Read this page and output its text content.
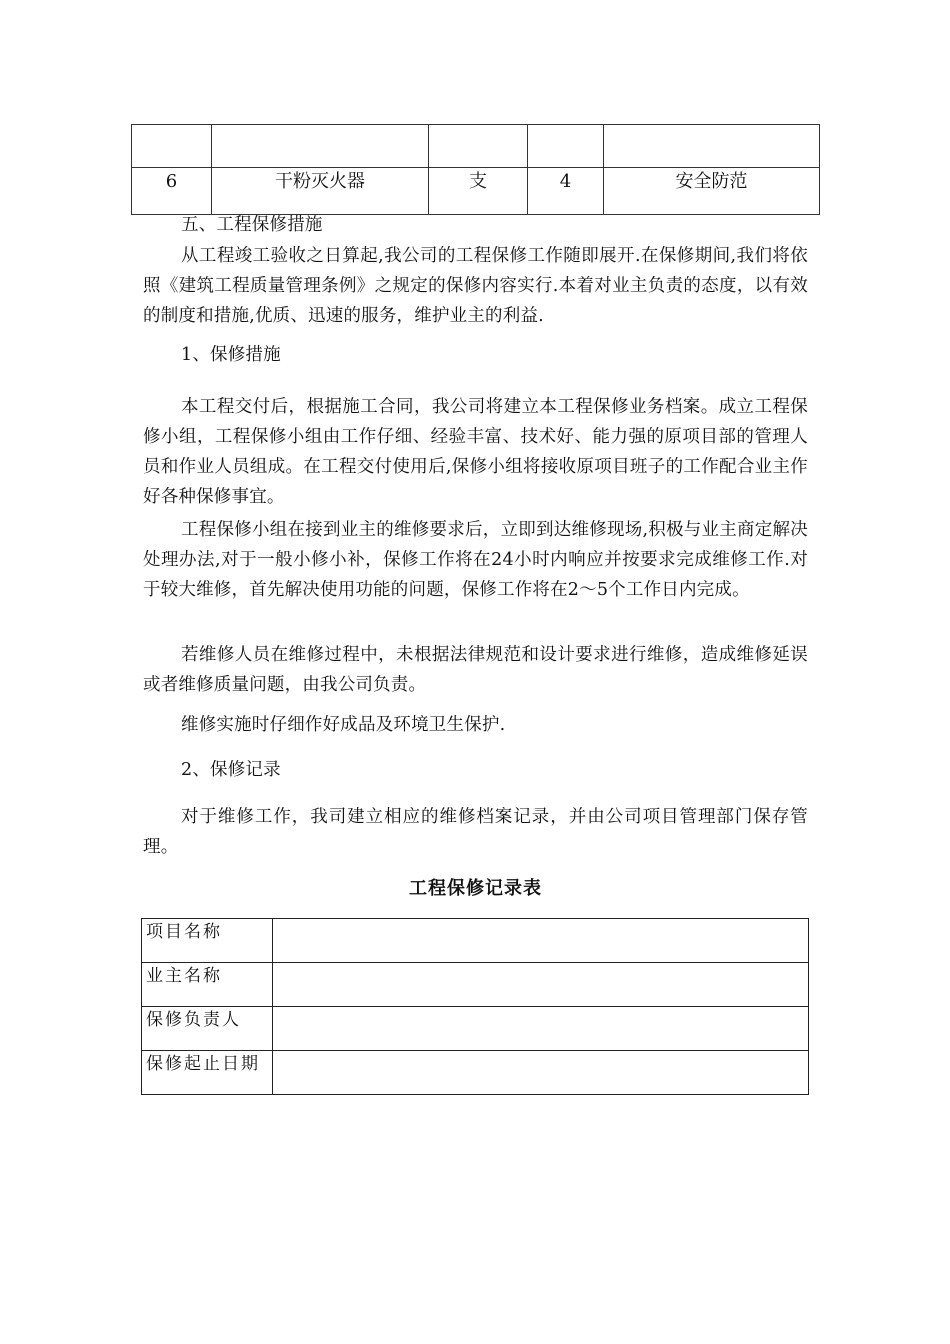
6	干粉灭火器	支	4	安全防范

五、工程保修措施

从工程竣工验收之日算起,我公司的工程保修工作随即展开.在保修期间,我们将依照《建筑工程质量管理条例》之规定的保修内容实行.本着对业主负责的态度，以有效的制度和措施,优质、迅速的服务，维护业主的利益.

1、保修措施

本工程交付后，根据施工合同，我公司将建立本工程保修业务档案。成立工程保修小组，工程保修小组由工作仔细、经验丰富、技术好、能力强的原项目部的管理人员和作业人员组成。在工程交付使用后,保修小组将接收原项目班子的工作配合业主作好各种保修事宜。

工程保修小组在接到业主的维修要求后，立即到达维修现场,积极与业主商定解决处理办法,对于一般小修小补，保修工作将在24小时内响应并按要求完成维修工作.对于较大维修，首先解决使用功能的问题，保修工作将在2～5个工作日内完成。

若维修人员在维修过程中，未根据法律规范和设计要求进行维修，造成维修延误或者维修质量问题，由我公司负责。

维修实施时仔细作好成品及环境卫生保护.

2、保修记录

对于维修工作，我司建立相应的维修档案记录，并由公司项目管理部门保存管理。

工程保修记录表

项目名称	
业主名称	
保修负责人	
保修起止日期	
